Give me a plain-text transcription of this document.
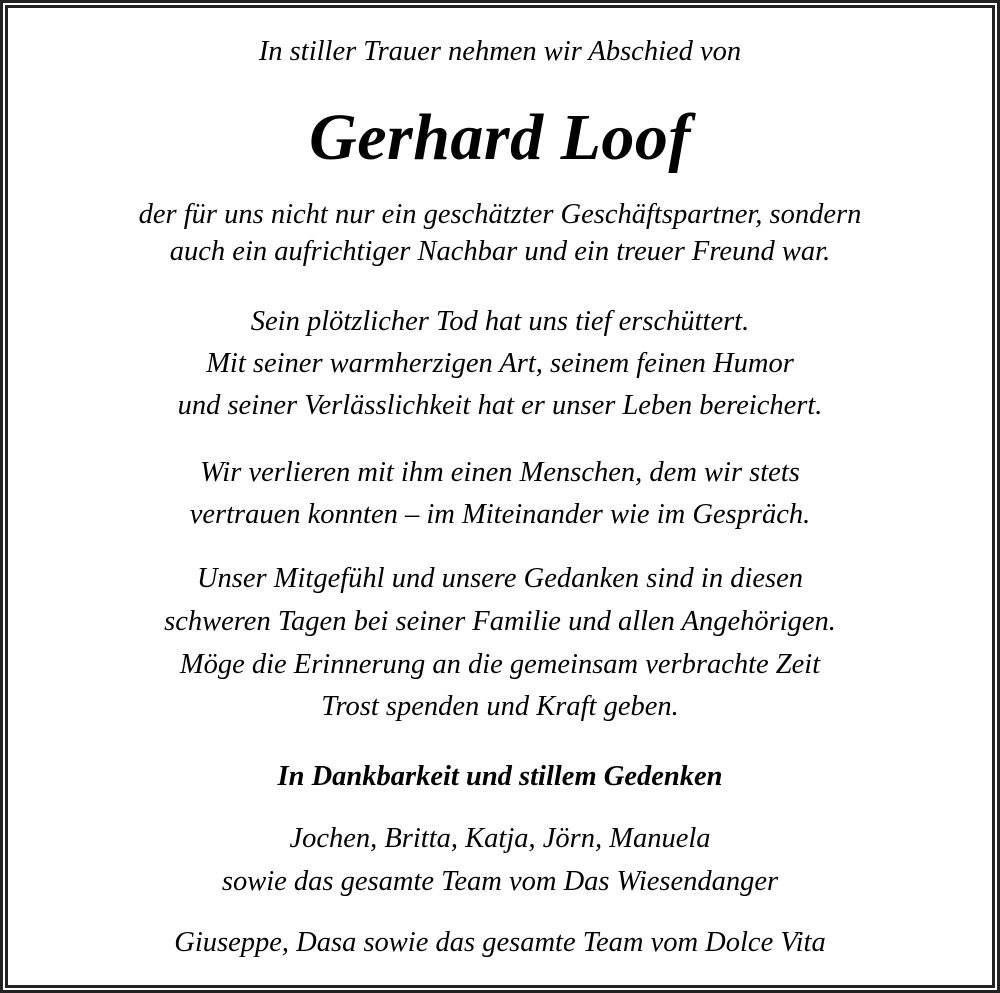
In stiller Trauer nehmen wir Abschied von
Gerhard Loof
der für uns nicht nur ein geschätzter Geschäftspartner, sondern
auch ein aufrichtiger Nachbar und ein treuer Freund war.
Sein plötzlicher Tod hat uns tief erschüttert.
Mit seiner warmherzigen Art, seinem feinen Humor
und seiner Verlässlichkeit hat er unser Leben bereichert.
Wir verlieren mit ihm einen Menschen, dem wir stets
vertrauen konnten – im Miteinander wie im Gespräch.
Unser Mitgefühl und unsere Gedanken sind in diesen
schweren Tagen bei seiner Familie und allen Angehörigen.
Möge die Erinnerung an die gemeinsam verbrachte Zeit
Trost spenden und Kraft geben.
In Dankbarkeit und stillem Gedenken
Jochen, Britta, Katja, Jörn, Manuela
sowie das gesamte Team vom Das Wiesendanger
Giuseppe, Dasa sowie das gesamte Team vom Dolce Vita
